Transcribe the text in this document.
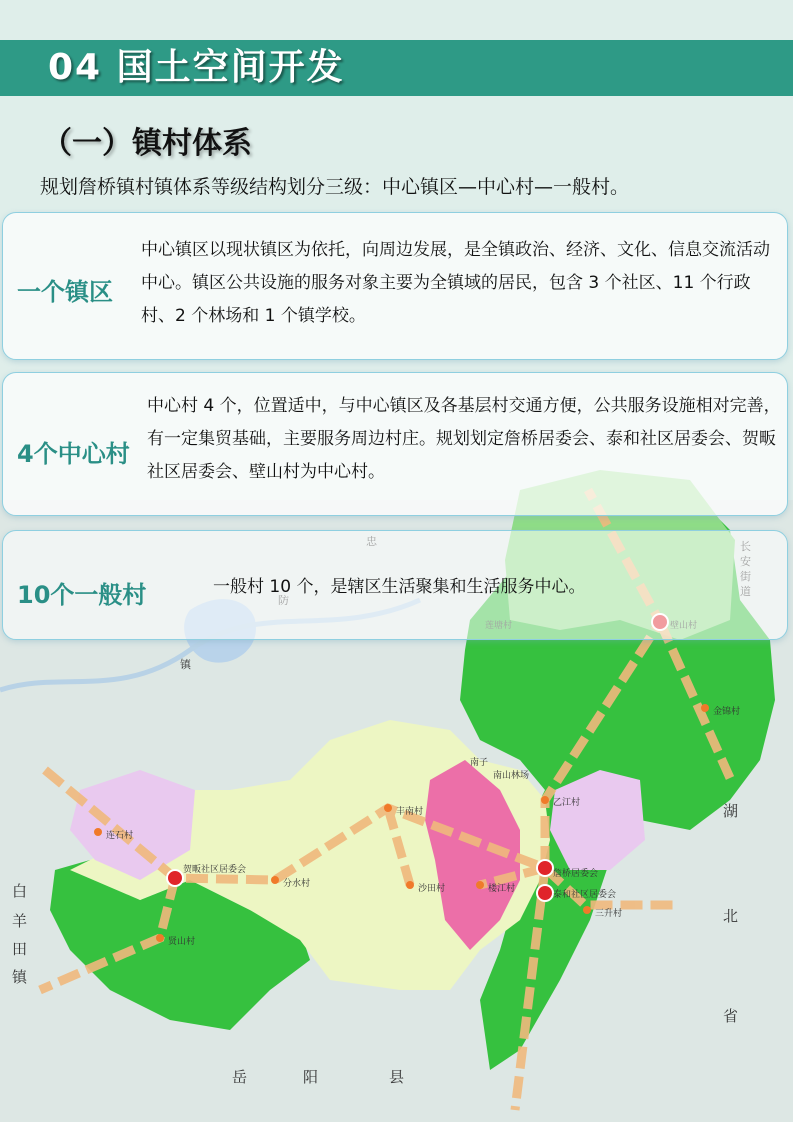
湖
北
省
岳	阳	县
白
羊
田
镇
镇
贺畈社区居委会	詹桥居委会
泰和社区居委会
分水村
连石村
贤山村
丰南村
沙田村	楼江村
南山林场
金锦村
乙江村
三升村
南子
04 国土空间开发
（一）镇村体系
规划詹桥镇村镇体系等级结构划分三级：中心镇区—中心村—一般村。
一个镇区
中心镇区以现状镇区为依托，向周边发展，是全镇政治、经济、文化、信息交流活动中心。镇区公共设施的服务对象主要为全镇域的居民，包含 3 个社区、11 个行政村、2 个林场和 1 个镇学校。
4个中心村
中心村 4 个，位置适中，与中心镇区及各基层村交通方便，公共服务设施相对完善，有一定集贸基础，主要服务周边村庄。规划划定詹桥居委会、泰和社区居委会、贺畈社区居委会、壁山村为中心村。
10个一般村	一般村 10 个，是辖区生活聚集和生活服务中心。
